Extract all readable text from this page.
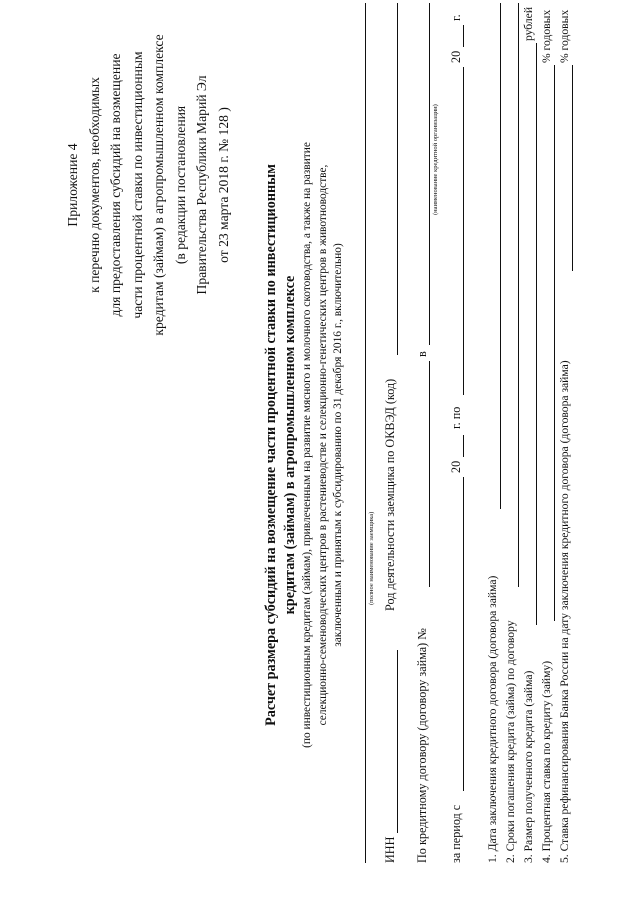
Приложение 4 к перечню документов, необходимых для предоставления субсидий на возмещение части процентной ставки по инвестиционным кредитам (займам) в агропромышленном комплексе (в редакции постановления Правительства Республики Марий Эл от 23 марта 2018 г. № 128 ) Расчет размера субсидий на возмещение части процентной ставки по инвестиционным кредитам (займам) в агропромышленном комплексе (по инвестиционным кредитам (займам), привлеченным на развитие мясного и молочного скотоводства, а также на развитие селекционно-семеноводческих центров в растениеводстве и селекционно-генетических центров в животноводстве, заключенным и принятым к субсидированию по 31 декабря 2016 г., включительно)	(полное наименование заемщика)
ИНН
Род деятельности заемщика по ОКВЭД (код)
По кредитному договору (договору займа) №
в
(наименование кредитной организации)
за период с
20
г. по
20
г.
1. Дата заключения кредитного договора (договора займа) 2. Сроки погашения кредита (займа) по договору 3. Размер полученного кредита (займа)
рублей
4. Процентная ставка по кредиту (займу)
% годовых
5. Ставка рефинансирования Банка России на дату заключения кредитного договора (договора займа)
% годовых
